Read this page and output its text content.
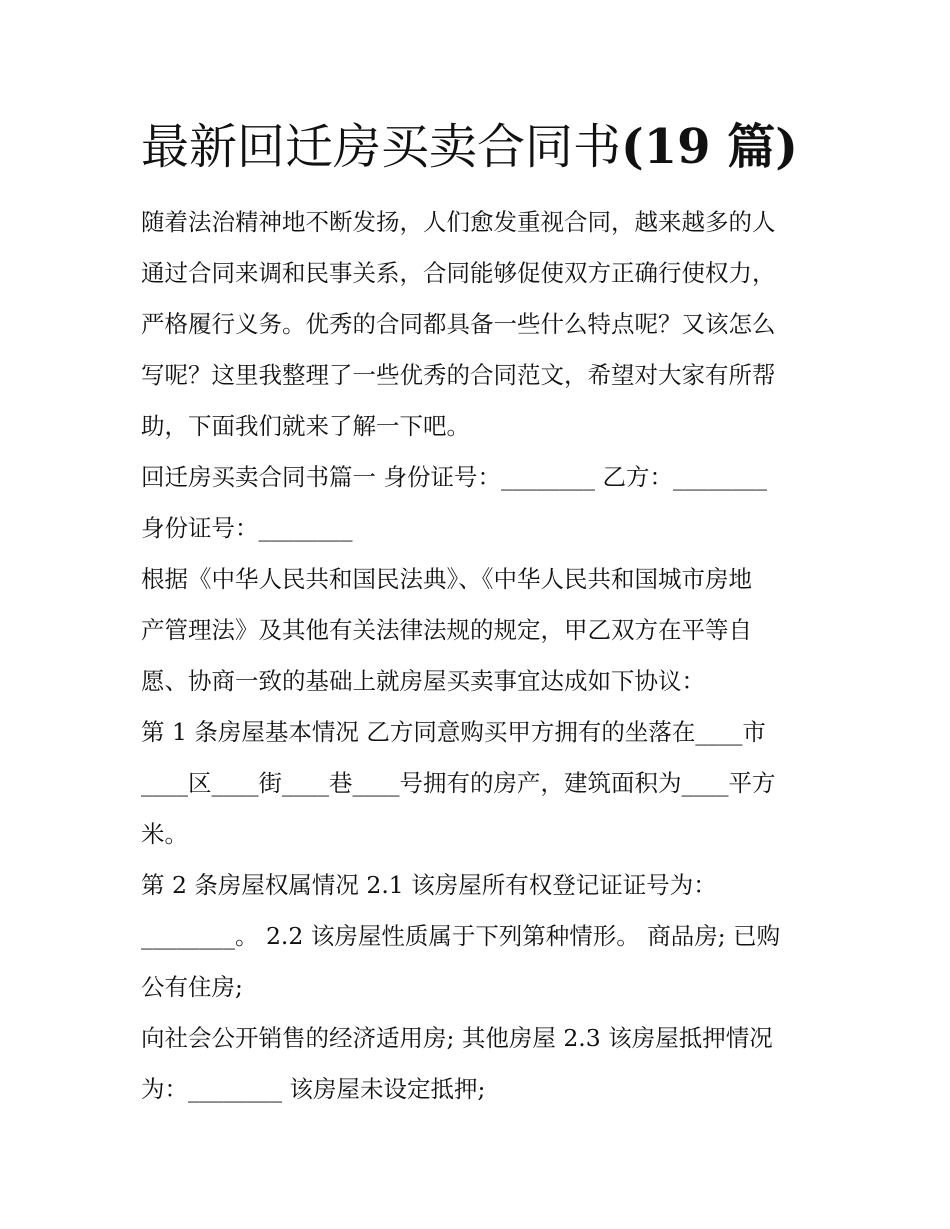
最新回迁房买卖合同书(19 篇)
随着法治精神地不断发扬，人们愈发重视合同，越来越多的人
通过合同来调和民事关系，合同能够促使双方正确行使权力，
严格履行义务。优秀的合同都具备一些什么特点呢？又该怎么
写呢？这里我整理了一些优秀的合同范文，希望对大家有所帮
助，下面我们就来了解一下吧。
回迁房买卖合同书篇一 身份证号：________ 乙方：________
身份证号：________
根据《中华人民共和国民法典》、《中华人民共和国城市房地
产管理法》及其他有关法律法规的规定，甲乙双方在平等自
愿、协商一致的基础上就房屋买卖事宜达成如下协议：
第 1 条房屋基本情况 乙方同意购买甲方拥有的坐落在____市
____区____街____巷____号拥有的房产，建筑面积为____平方
米。
第 2 条房屋权属情况 2.1 该房屋所有权登记证证号为：
________。 2.2 该房屋性质属于下列第种情形。 商品房; 已购
公有住房;
向社会公开销售的经济适用房; 其他房屋 2.3 该房屋抵押情况
为：________ 该房屋未设定抵押;
